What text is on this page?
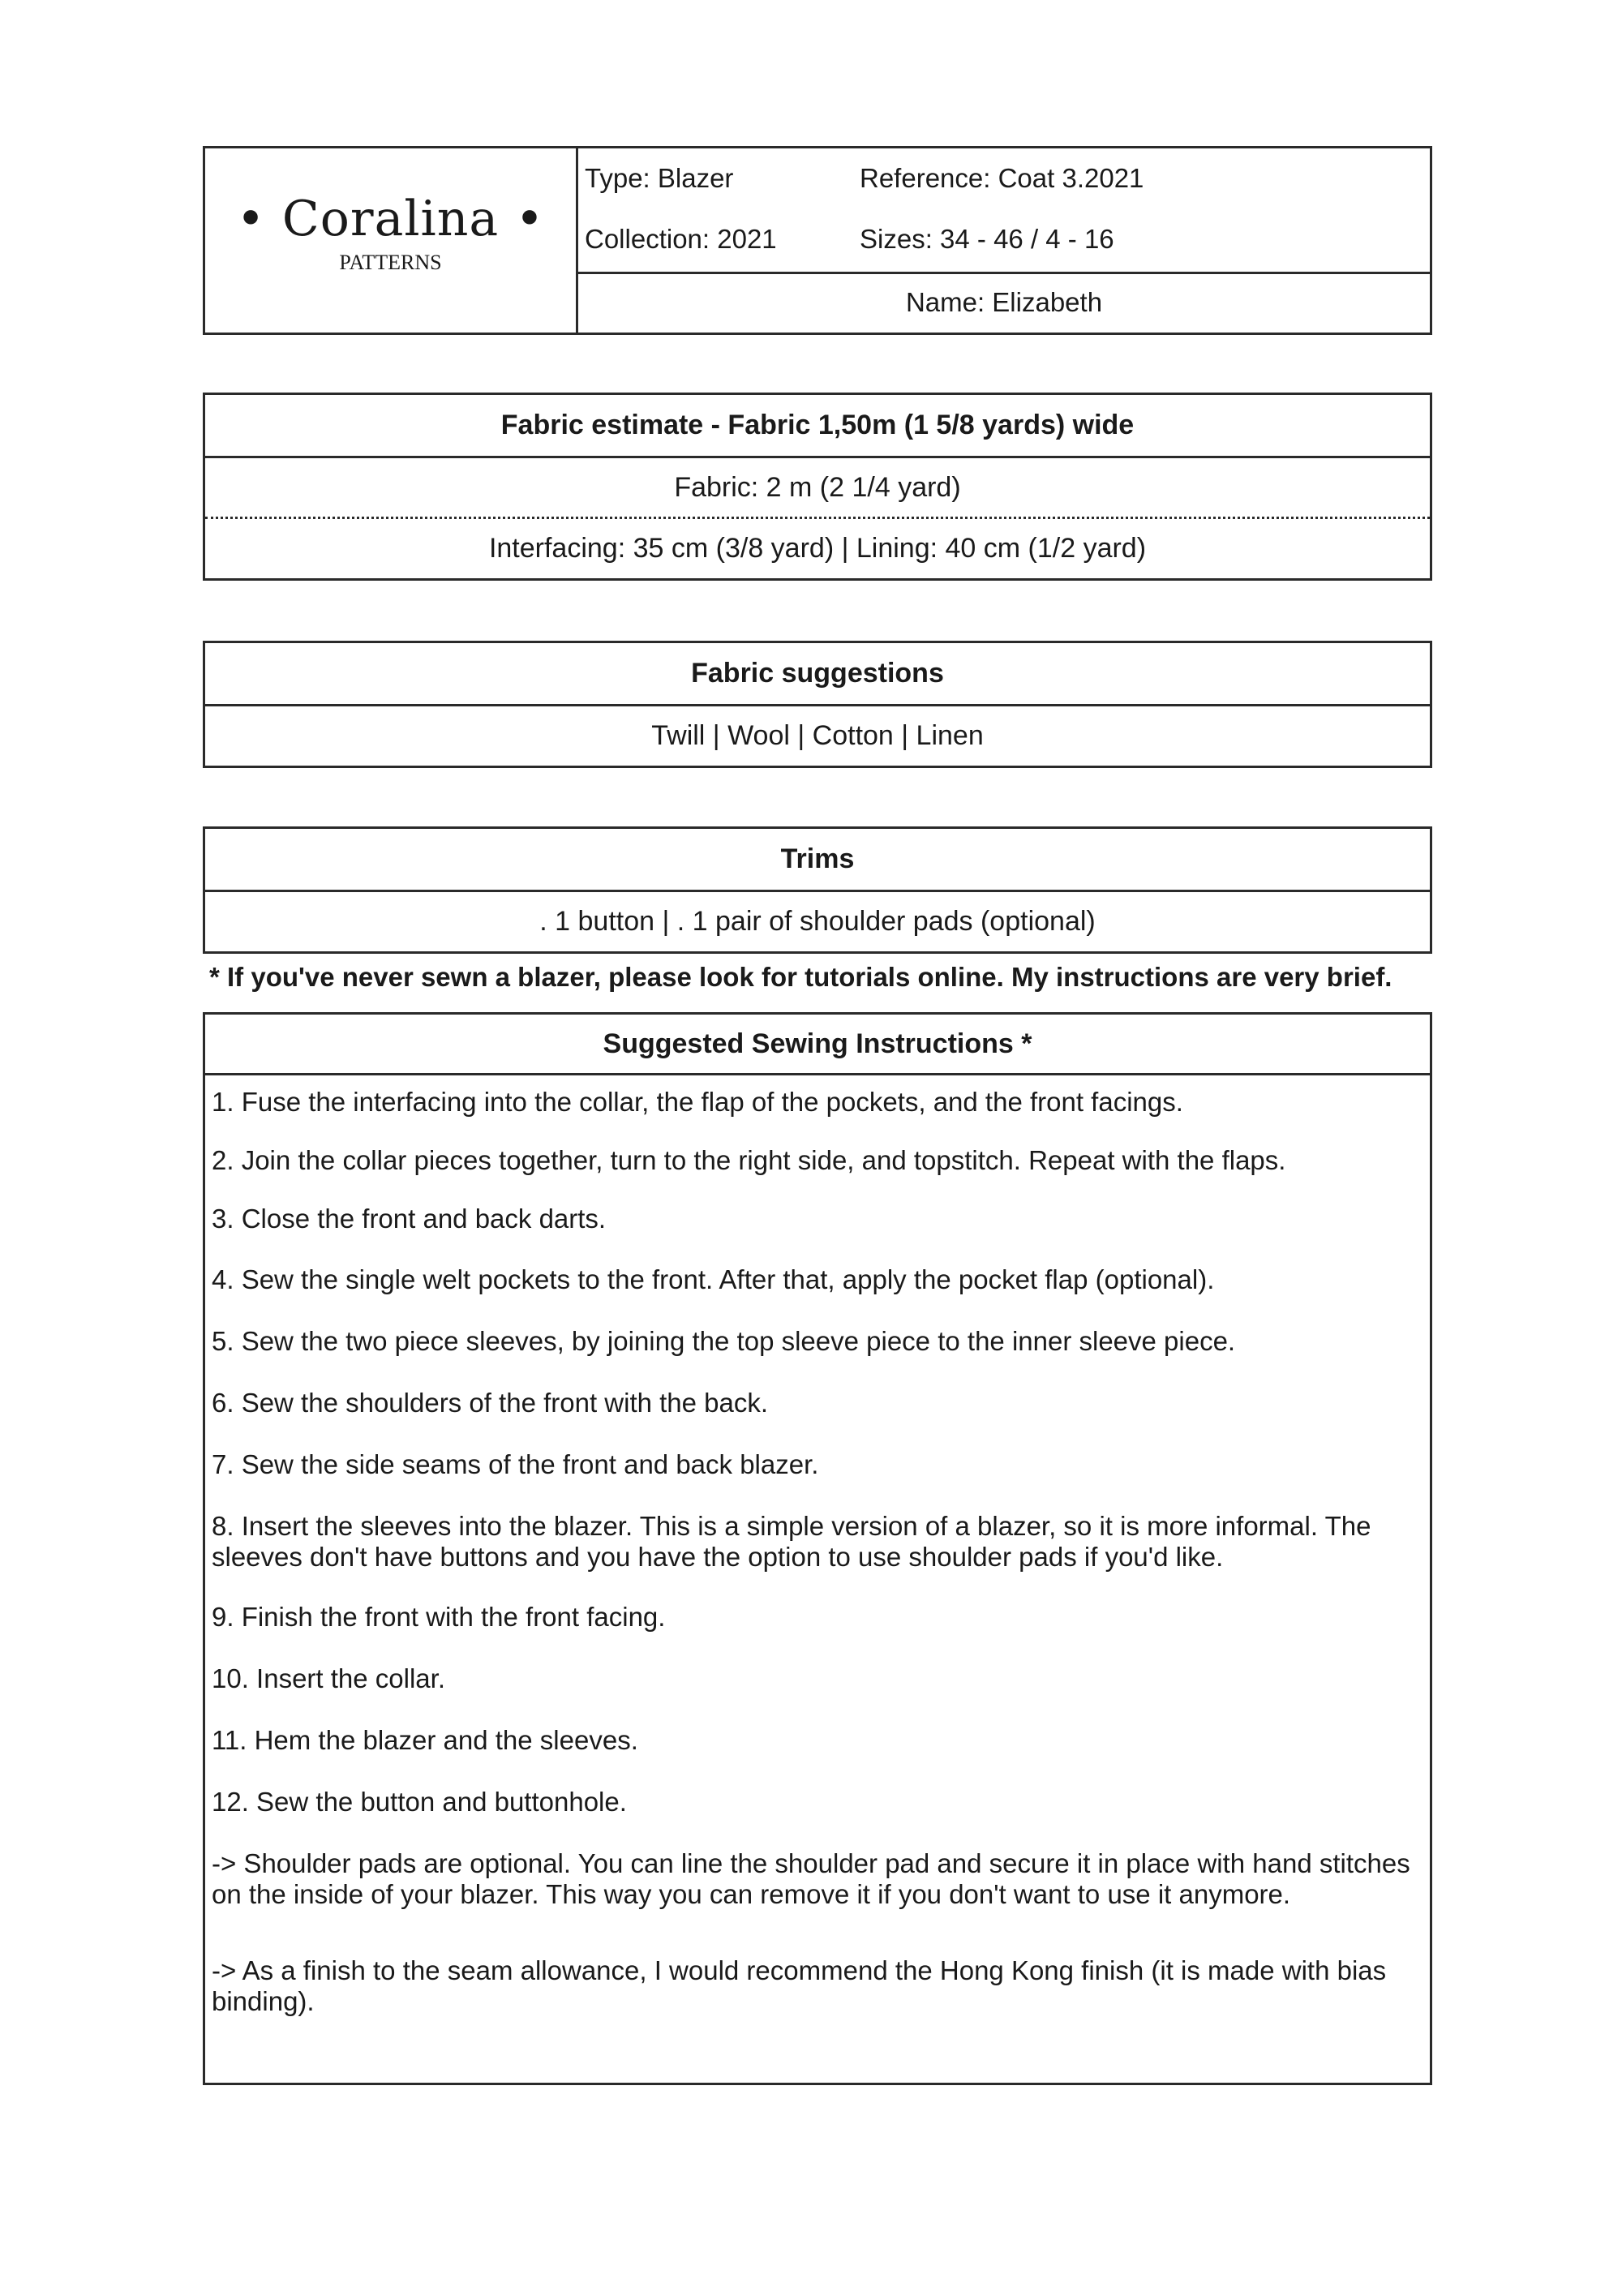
• Coralina •
PATTERNS
Type: Blazer	Reference: Coat 3.2021
Collection: 2021	Sizes: 34 - 46 / 4 - 16
Name: Elizabeth
Fabric estimate - Fabric 1,50m (1 5/8 yards) wide
Fabric: 2 m (2 1/4 yard)
Interfacing: 35 cm (3/8 yard) | Lining: 40 cm (1/2 yard)
Fabric suggestions
Twill | Wool | Cotton | Linen
Trims
. 1 button | . 1 pair of shoulder pads (optional)
* If you've never sewn a blazer, please look for tutorials online. My instructions are very brief.
Suggested Sewing Instructions *

1. Fuse the interfacing into the collar, the flap of the pockets, and the front facings.

2. Join the collar pieces together, turn to the right side, and topstitch. Repeat with the flaps.

3. Close the front and back darts.

4. Sew the single welt pockets to the front. After that, apply the pocket flap (optional).

5. Sew the two piece sleeves, by joining the top sleeve piece to the inner sleeve piece.

6. Sew the shoulders of the front with the back.

7. Sew the side seams of the front and back blazer.

8. Insert the sleeves into the blazer. This is a simple version of a blazer, so it is more informal. The sleeves don't have buttons and you have the option to use shoulder pads if you'd like.

9. Finish the front with the front facing.

10. Insert the collar.

11. Hem the blazer and the sleeves.

12. Sew the button and buttonhole.

-> Shoulder pads are optional. You can line the shoulder pad and secure it in place with hand stitches on the inside of your blazer. This way you can remove it if you don't want to use it anymore.

-> As a finish to the seam allowance, I would recommend the Hong Kong finish (it is made with bias binding).
